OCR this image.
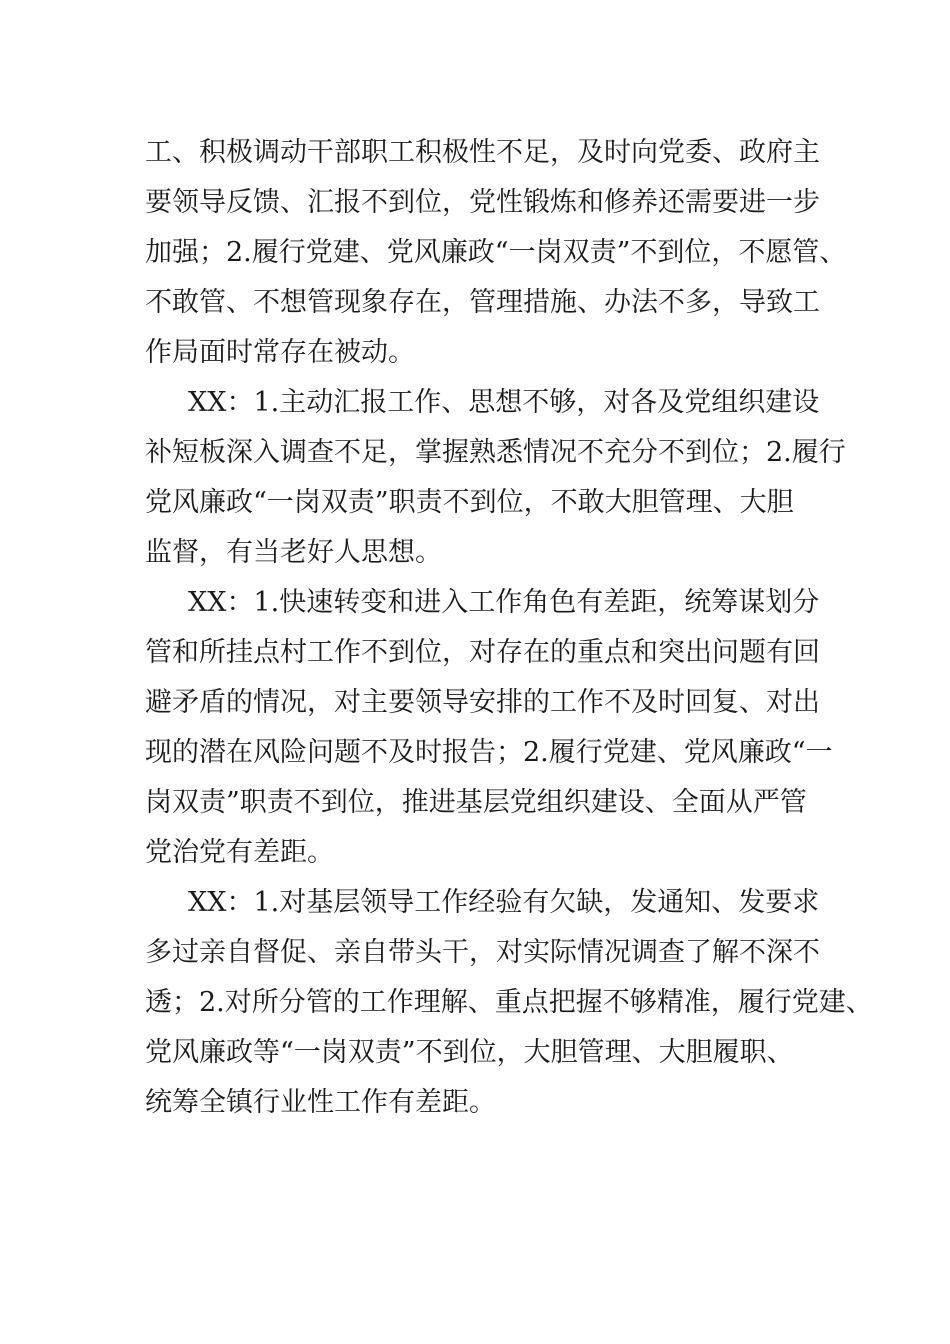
工、积极调动干部职工积极性不足，及时向党委、政府主
要领导反馈、汇报不到位，党性锻炼和修养还需要进一步
加强；2.履行党建、党风廉政“一岗双责”不到位，不愿管、
不敢管、不想管现象存在，管理措施、办法不多，导致工
作局面时常存在被动。
XX：1.主动汇报工作、思想不够，对各及党组织建设
补短板深入调查不足，掌握熟悉情况不充分不到位；2.履行
党风廉政“一岗双责”职责不到位，不敢大胆管理、大胆
监督，有当老好人思想。
XX：1.快速转变和进入工作角色有差距，统筹谋划分
管和所挂点村工作不到位，对存在的重点和突出问题有回
避矛盾的情况，对主要领导安排的工作不及时回复、对出
现的潜在风险问题不及时报告；2.履行党建、党风廉政“一
岗双责”职责不到位，推进基层党组织建设、全面从严管
党治党有差距。
XX：1.对基层领导工作经验有欠缺，发通知、发要求
多过亲自督促、亲自带头干，对实际情况调查了解不深不
透；2.对所分管的工作理解、重点把握不够精准，履行党建、
党风廉政等“一岗双责”不到位，大胆管理、大胆履职、
统筹全镇行业性工作有差距。
